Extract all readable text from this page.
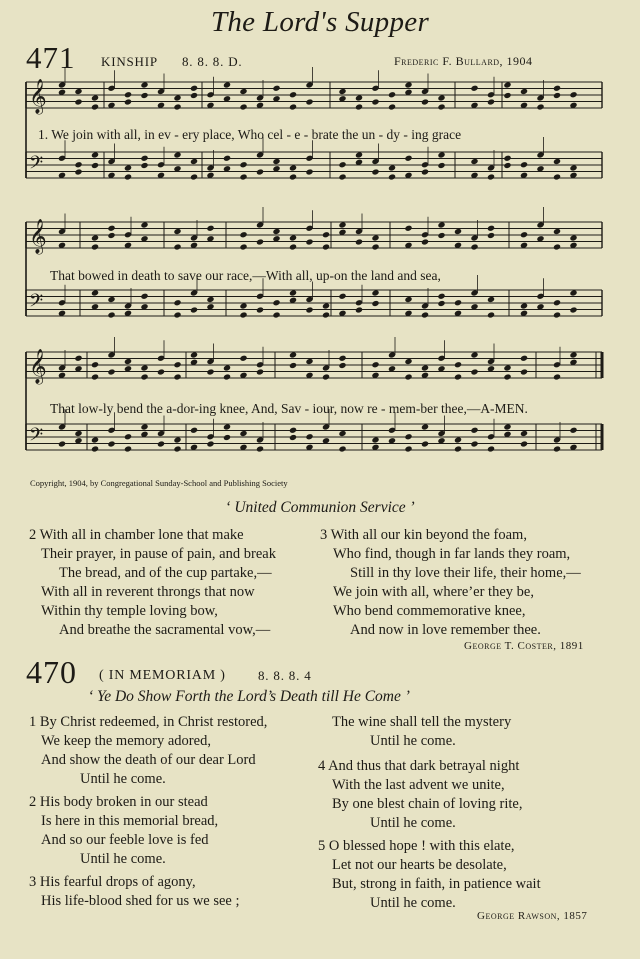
The Lord's Supper
471 KINSHIP 8. 8. 8. D.	Frederic F. Bullard, 1904
𝄞
𝄢
𝄞
𝄢
𝄞
𝄢
1. We join with all, in ev - ery place, Who cel - e - brate the un - dy - ing grace
That bowed in death to save our race,—With all, up-on the land and sea,
That low-ly bend the a-dor-ing knee, And, Sav - iour, now re - mem-ber thee,—A-MEN.
Copyright, 1904, by Congregational Sunday-School and Publishing Society
‘ United Communion Service ’
2 With all in chamber lone that make
Their prayer, in pause of pain, and break
The bread, and of the cup partake,—
With all in reverent throngs that now
Within thy temple loving bow,
And breathe the sacramental vow,—
3 With all our kin beyond the foam,
Who find, though in far lands they roam,
Still in thy love their life, their home,—
We join with all, where’er they be,
Who bend commemorative knee,
And now in love remember thee.
George T. Coster, 1891
470 ( IN MEMORIAM ) 8. 8. 8. 4
‘ Ye Do Show Forth the Lord’s Death till He Come ’
1 By Christ redeemed, in Christ restored,
We keep the memory adored,
And show the death of our dear Lord
Until he come.
2 His body broken in our stead
Is here in this memorial bread,
And so our feeble love is fed
Until he come.
3 His fearful drops of agony,
His life-blood shed for us we see ;
The wine shall tell the mystery
Until he come.
4 And thus that dark betrayal night
With the last advent we unite,
By one blest chain of loving rite,
Until he come.
5 O blessed hope ! with this elate,
Let not our hearts be desolate,
But, strong in faith, in patience wait
Until he come.
George Rawson, 1857
